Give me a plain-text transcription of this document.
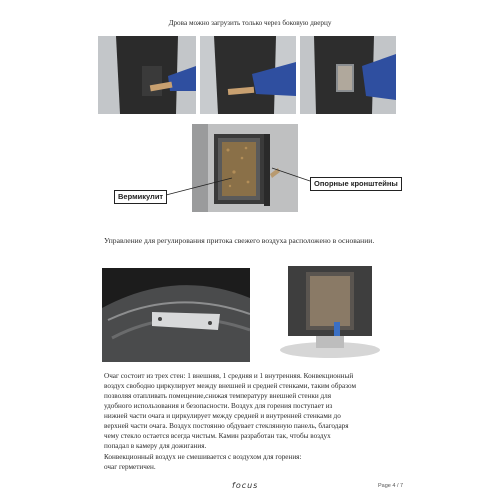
Дрова можно загрузить только через боковую дверцу
Вермикулит
Опорные кронштейны
Управление для регулирования притока свежего воздуха расположено в основании.

Очаг состоит из трех стен: 1 внешняя, 1 средняя и 1 внутренняя. Конвекционный

воздух свободно циркулирует между внешней и средней стенками, таким образом

позволяя отапливать помещение,снижая температуру внешней стенки для

удобного использования и безопасности. Воздух для горения поступает из

нижней части очага и циркулирует между средней и внутренней стенками до

верхней части очага. Воздух постоянно обдувает стеклянную панель, благодаря

чему стекло остается всегда чистым. Камин разработан так, чтобы воздух

попадал в камеру для дожигания.

Конвекционный воздух не смешивается с воздухом для горения:

очаг герметичен.

focus	Page 4 / 7
